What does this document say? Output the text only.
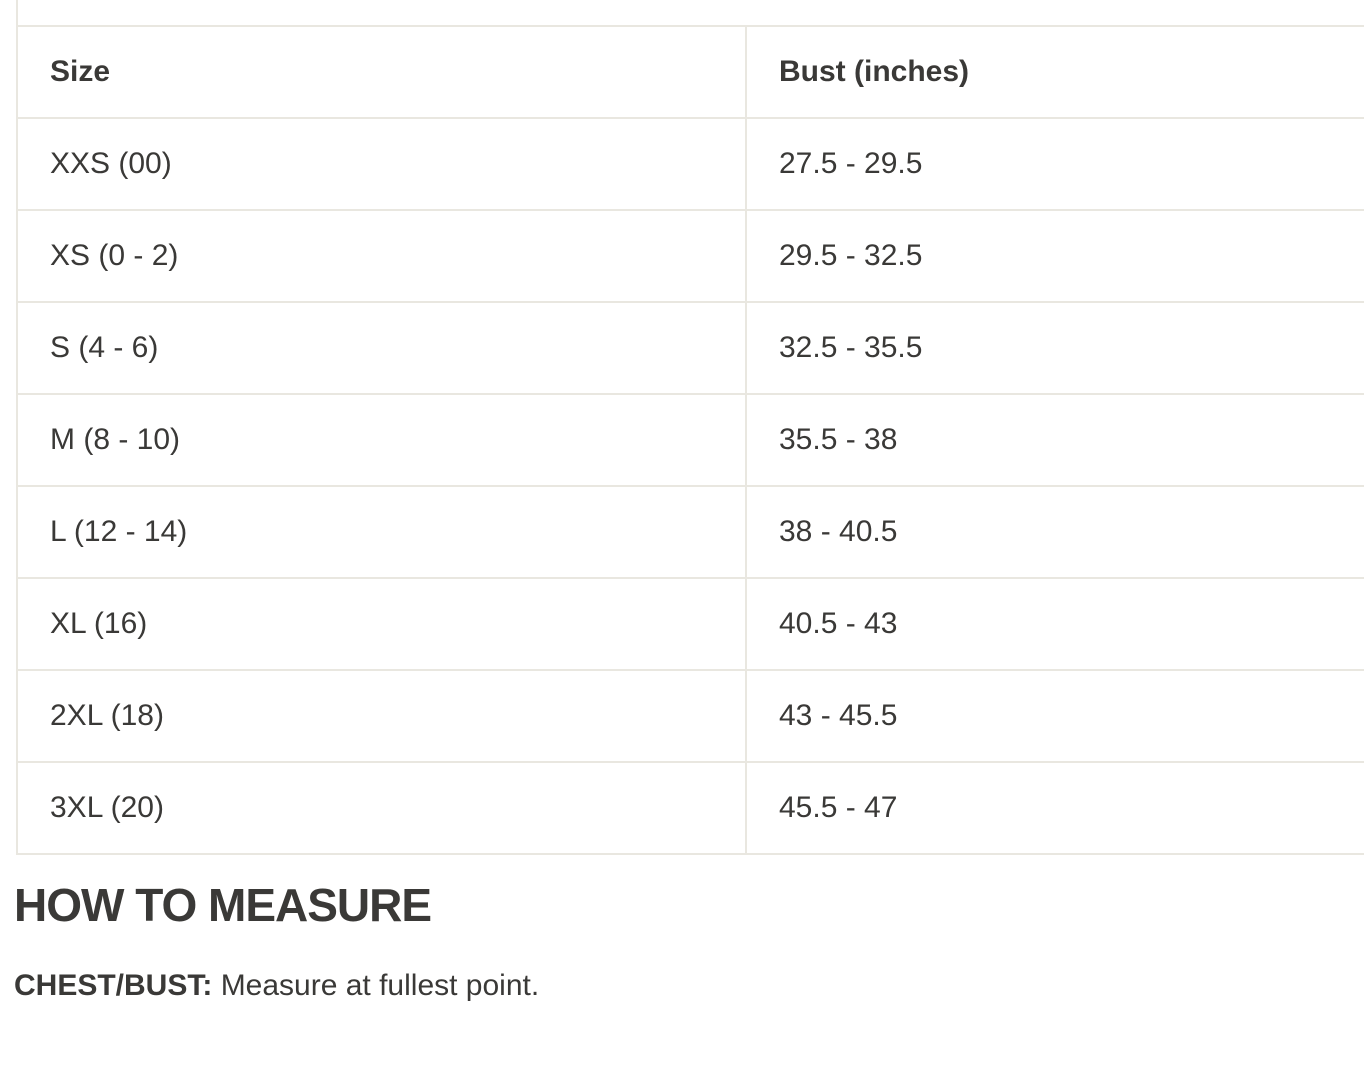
Size	Bust (inches)
XXS (00)	27.5 - 29.5
XS (0 - 2)	29.5 - 32.5
S (4 - 6)	32.5 - 35.5
M (8 - 10)	35.5 - 38
L (12 - 14)	38 - 40.5
XL (16)	40.5 - 43
2XL (18)	43 - 45.5
3XL (20)	45.5 - 47
HOW TO MEASURE

CHEST/BUST: Measure at fullest point.
